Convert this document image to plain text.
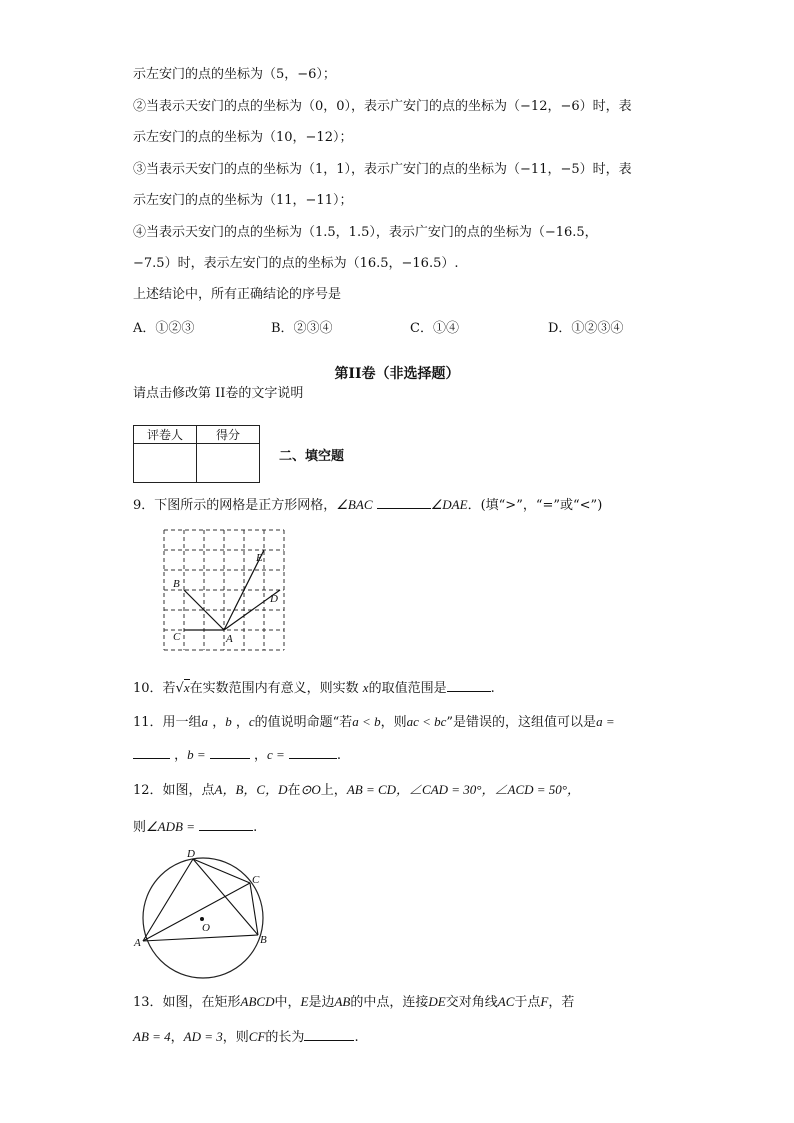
示左安门的点的坐标为（5，−6）；
②当表示天安门的点的坐标为（0，0），表示广安门的点的坐标为（−12，−6）时，表
示左安门的点的坐标为（10，−12）；
③当表示天安门的点的坐标为（1，1），表示广安门的点的坐标为（−11，−5）时，表
示左安门的点的坐标为（11，−11）；
④当表示天安门的点的坐标为（1.5，1.5），表示广安门的点的坐标为（−16.5，
−7.5）时，表示左安门的点的坐标为（16.5，−16.5）.
上述结论中，所有正确结论的序号是
A．①②③	B．②③④	C．①④	D．①②③④
第II卷（非选择题）
请点击修改第 II卷的文字说明
评卷人	得分

二、填空题
9．下图所示的网格是正方形网格，∠BAC	∠DAE．(填“>”，“=”或“<”)
B
C	A
E
D
10．若√x在实数范围内有意义，则实数 x的取值范围是	.
11．用一组a ，b ，c的值说明命题“若a < b，则ac < bc”是错误的，这组值可以是a =
，b =	，c =	.
12．如图，点A，B，C，D在⊙O上，AB = CD，∠CAD = 30°，∠ACD = 50°，
则∠ADB =	.
D
C
A	B
O
13．如图，在矩形ABCD中，E是边AB的中点，连接DE交对角线AC于点F，若
AB = 4，AD = 3，则CF的长为	.
